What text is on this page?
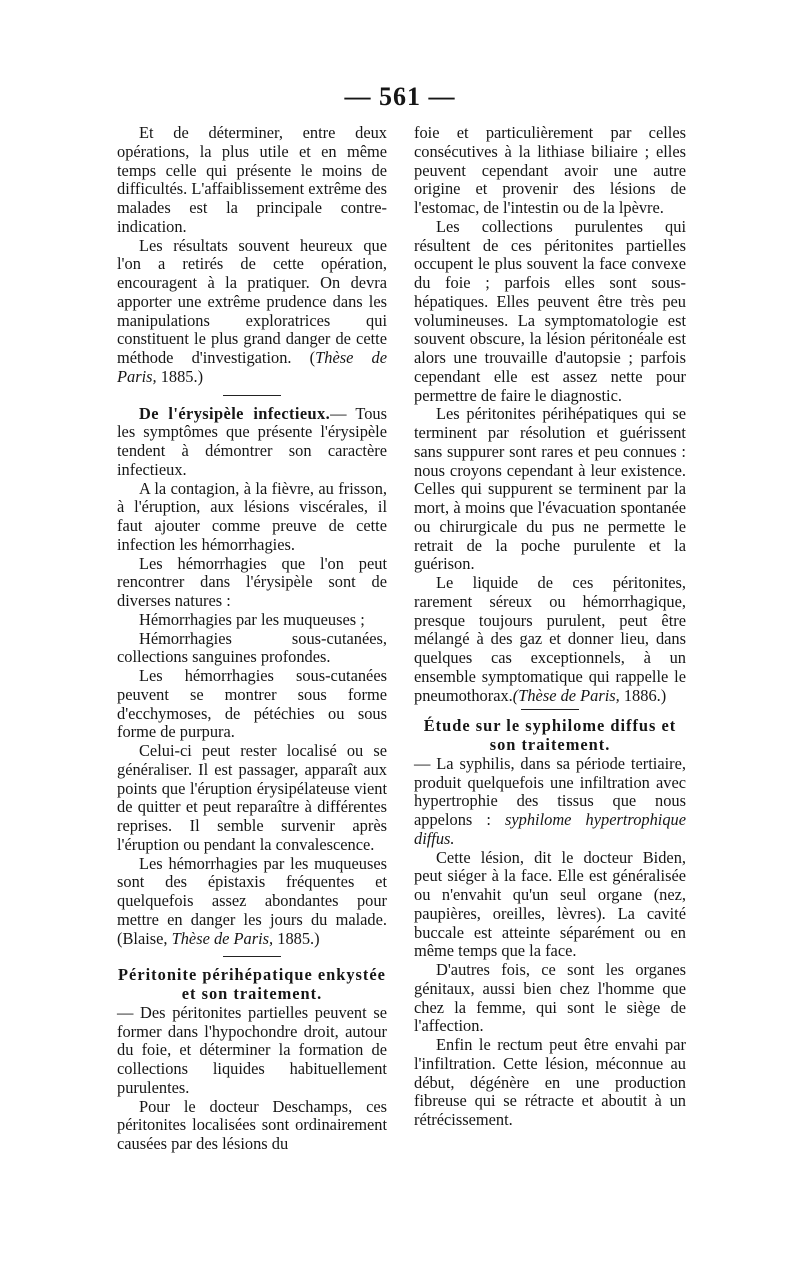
— 561 —

Et de déterminer, entre deux opérations, la plus utile et en même temps celle qui présente le moins de difficultés. L'affaiblissement extrême des malades est la principale contre-indication.

Les résultats souvent heureux que l'on a retirés de cette opération, encouragent à la pratiquer. On devra apporter une extrême prudence dans les manipulations exploratrices qui constituent le plus grand danger de cette méthode d'investigation. (Thèse de Paris, 1885.)

De l'érysipèle infectieux.— Tous les symptômes que présente l'érysipèle tendent à démontrer son caractère infectieux.

A la contagion, à la fièvre, au frisson, à l'éruption, aux lésions viscérales, il faut ajouter comme preuve de cette infection les hémorrhagies.

Les hémorrhagies que l'on peut rencontrer dans l'érysipèle sont de diverses natures :

Hémorrhagies par les muqueuses ;

Hémorrhagies sous-cutanées, collections sanguines profondes.

Les hémorrhagies sous-cutanées peuvent se montrer sous forme d'ecchymoses, de pétéchies ou sous forme de purpura.

Celui-ci peut rester localisé ou se généraliser. Il est passager, apparaît aux points que l'éruption érysipélateuse vient de quitter et peut reparaître à différentes reprises. Il semble survenir après l'éruption ou pendant la convalescence.

Les hémorrhagies par les muqueuses sont des épistaxis fréquentes et quelquefois assez abondantes pour mettre en danger les jours du malade. (Blaise, Thèse de Paris, 1885.)

Péritonite périhépatique enkystée et son traitement.

— Des péritonites partielles peuvent se former dans l'hypochondre droit, autour du foie, et déterminer la formation de collections liquides habituellement purulentes.

Pour le docteur Deschamps, ces péritonites localisées sont ordinairement causées par des lésions du

foie et particulièrement par celles consécutives à la lithiase biliaire ; elles peuvent cependant avoir une autre origine et provenir des lésions de l'estomac, de l'intestin ou de la lpèvre.

Les collections purulentes qui résultent de ces péritonites partielles occupent le plus souvent la face convexe du foie ; parfois elles sont sous-hépatiques. Elles peuvent être très peu volumineuses. La symptomatologie est souvent obscure, la lésion péritonéale est alors une trouvaille d'autopsie ; parfois cependant elle est assez nette pour permettre de faire le diagnostic.

Les péritonites périhépatiques qui se terminent par résolution et guérissent sans suppurer sont rares et peu connues : nous croyons cependant à leur existence. Celles qui suppurent se terminent par la mort, à moins que l'évacuation spontanée ou chirurgicale du pus ne permette le retrait de la poche purulente et la guérison.

Le liquide de ces péritonites, rarement séreux ou hémorrhagique, presque toujours purulent, peut être mélangé à des gaz et donner lieu, dans quelques cas exceptionnels, à un ensemble symptomatique qui rappelle le pneumothorax.(Thèse de Paris, 1886.)

Étude sur le syphilome diffus et son traitement.

— La syphilis, dans sa période tertiaire, produit quelquefois une infiltration avec hypertrophie des tissus que nous appelons : syphilome hypertrophique diffus.

Cette lésion, dit le docteur Biden, peut siéger à la face. Elle est généralisée ou n'envahit qu'un seul organe (nez, paupières, oreilles, lèvres). La cavité buccale est atteinte séparément ou en même temps que la face.

D'autres fois, ce sont les organes génitaux, aussi bien chez l'homme que chez la femme, qui sont le siège de l'affection.

Enfin le rectum peut être envahi par l'infiltration. Cette lésion, méconnue au début, dégénère en une production fibreuse qui se rétracte et aboutit à un rétrécissement.
